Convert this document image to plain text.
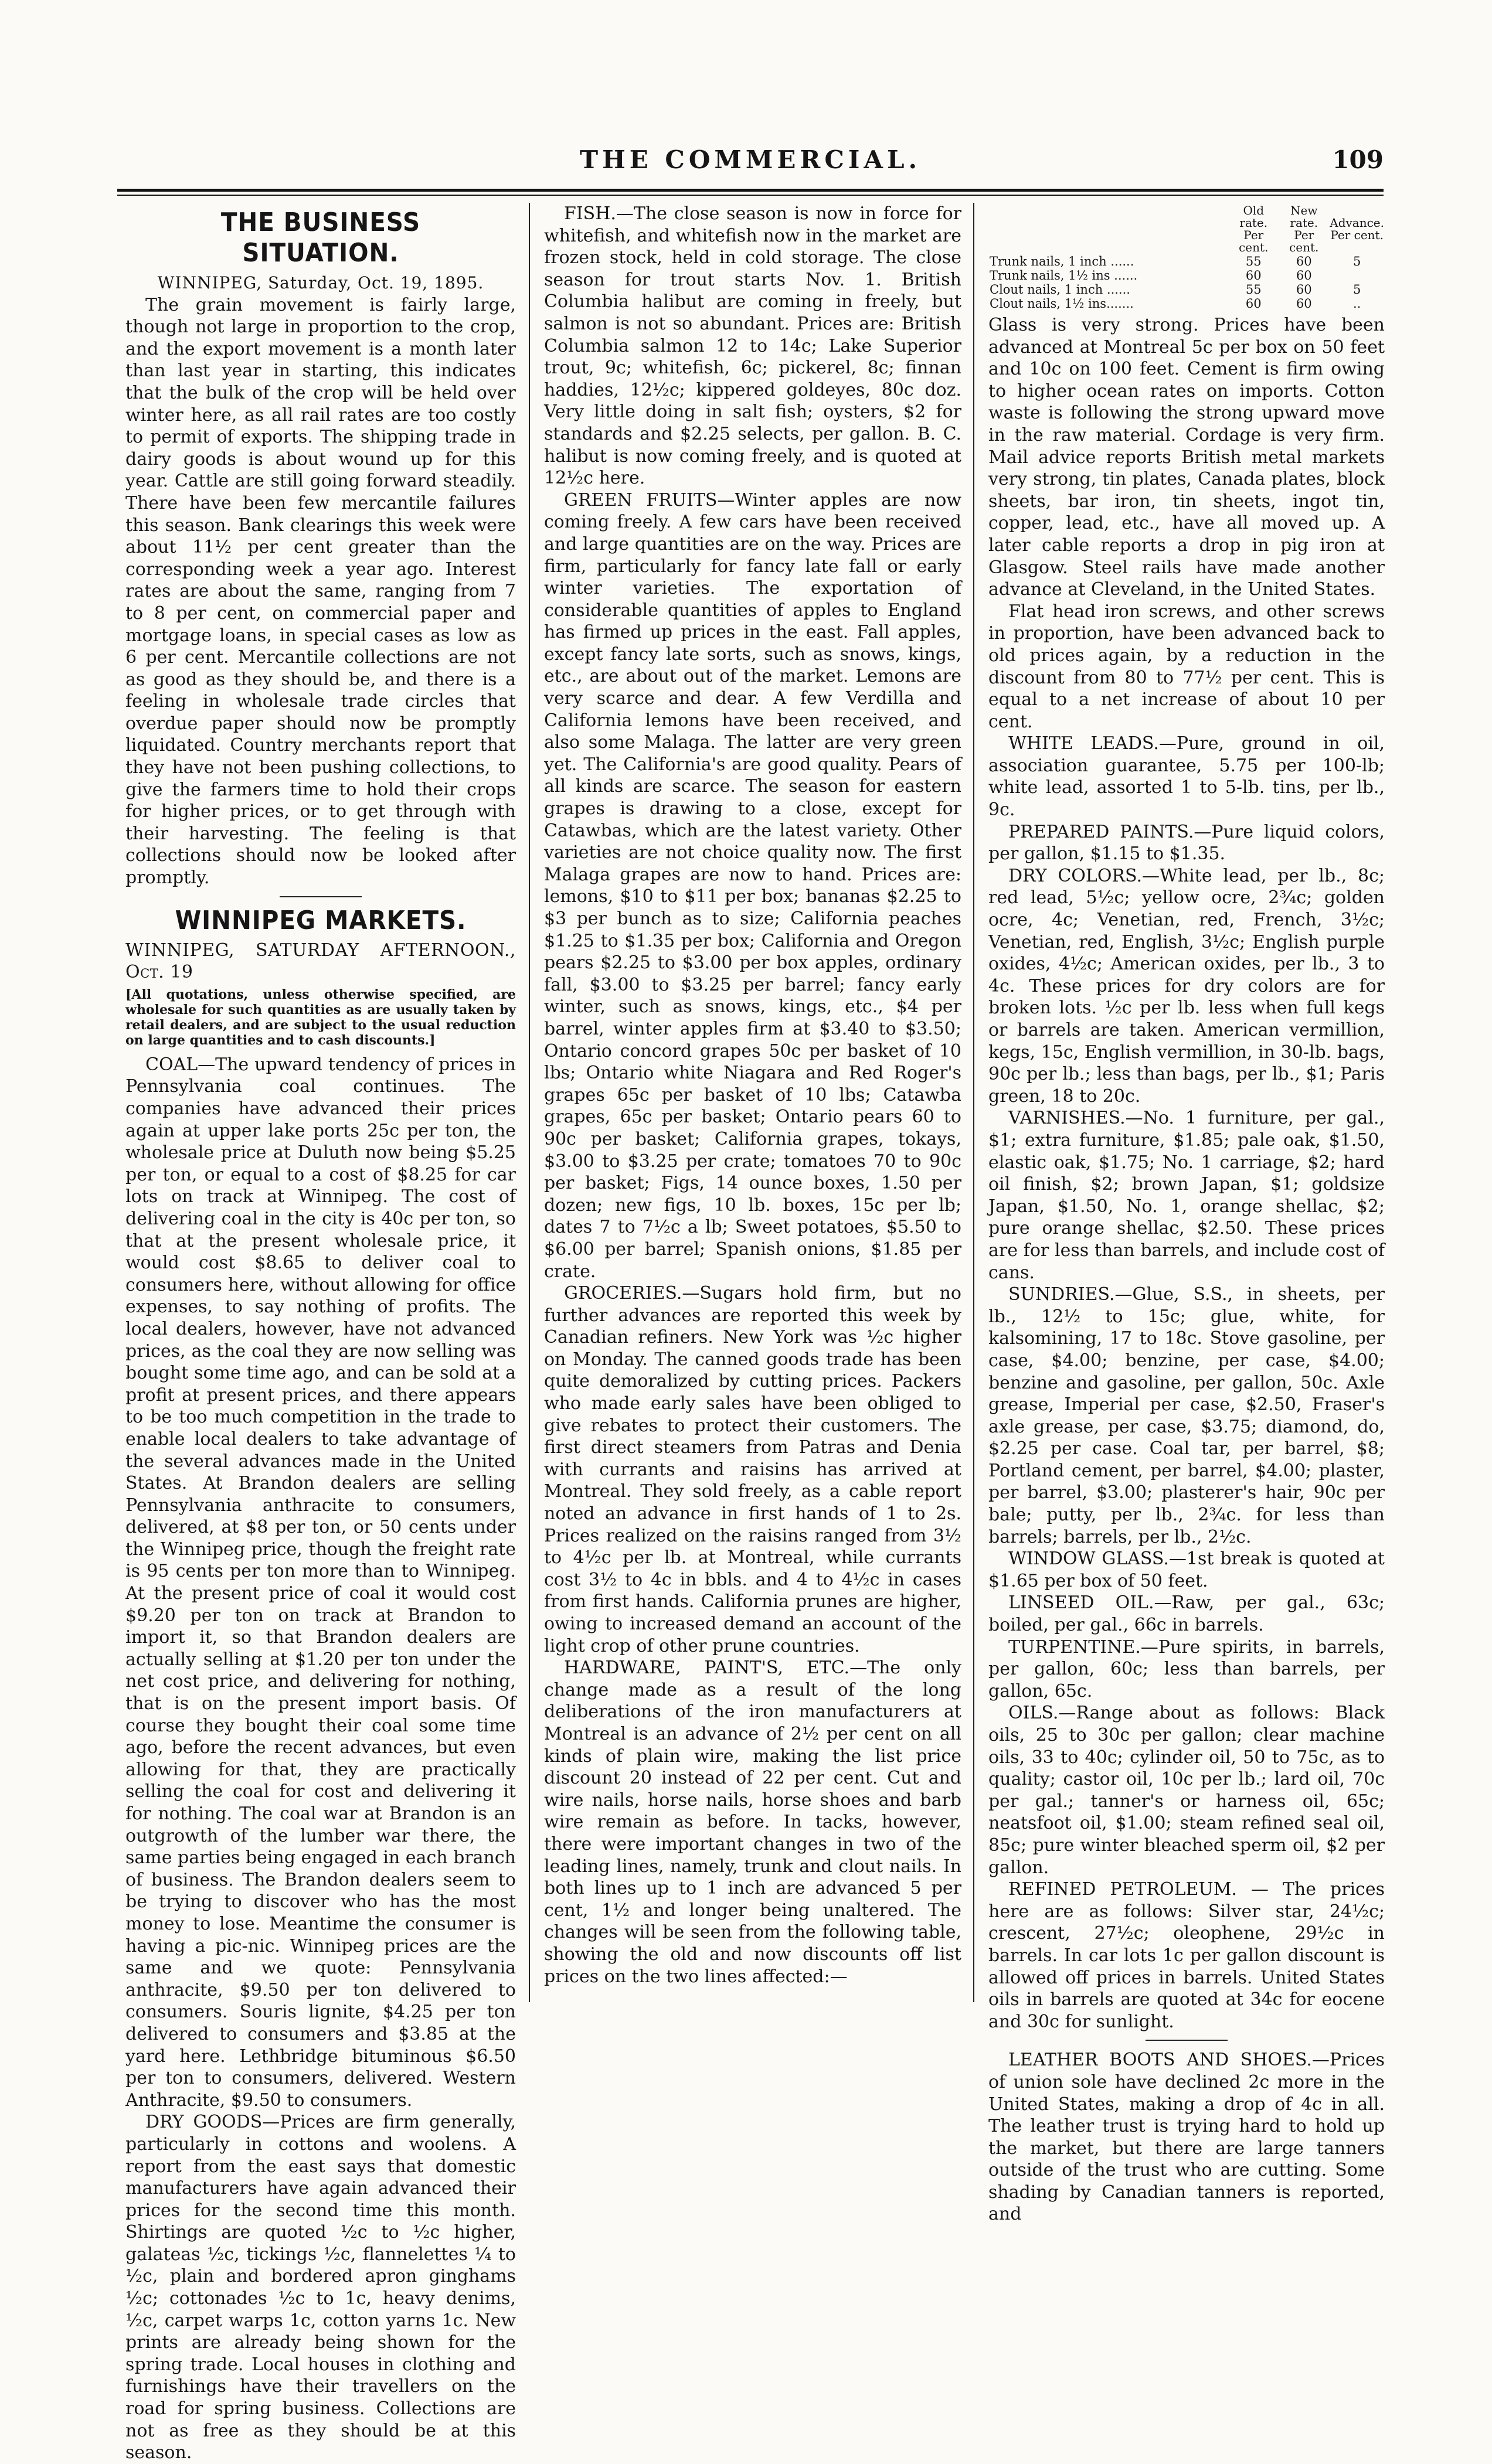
THE COMMERCIAL.	109
THE BUSINESS SITUATION.

WINNIPEG, Saturday, Oct. 19, 1895.

The grain movement is fairly large, though not large in proportion to the crop, and the export movement is a month later than last year in starting, this indicates that the bulk of the crop will be held over winter here, as all rail rates are too costly to permit of exports. The shipping trade in dairy goods is about wound up for this year. Cattle are still going forward steadily. There have been few mercantile failures this season. Bank clearings this week were about 11½ per cent greater than the corresponding week a year ago. Interest rates are about the same, ranging from 7 to 8 per cent, on commercial paper and mortgage loans, in special cases as low as 6 per cent. Mercantile collections are not as good as they should be, and there is a feeling in wholesale trade circles that overdue paper should now be promptly liquidated. Country merchants report that they have not been pushing collections, to give the farmers time to hold their crops for higher prices, or to get through with their harvesting. The feeling is that collections should now be looked after promptly.

WINNIPEG MARKETS.

WINNIPEG, SATURDAY AFTERNOON., Oct. 19

[All quotations, unless otherwise specified, are wholesale for such quantities as are usually taken by retail dealers, and are subject to the usual reduction on large quantities and to cash discounts.]

COAL—The upward tendency of prices in Pennsylvania coal continues. The companies have advanced their prices again at upper lake ports 25c per ton, the wholesale price at Duluth now being $5.25 per ton, or equal to a cost of $8.25 for car lots on track at Winnipeg. The cost of delivering coal in the city is 40c per ton, so that at the present wholesale price, it would cost $8.65 to deliver coal to consumers here, without allowing for office expenses, to say nothing of profits. The local dealers, however, have not advanced prices, as the coal they are now selling was bought some time ago, and can be sold at a profit at present prices, and there appears to be too much competition in the trade to enable local dealers to take advantage of the several advances made in the United States. At Brandon dealers are selling Pennsylvania anthracite to consumers, delivered, at $8 per ton, or 50 cents under the Winnipeg price, though the freight rate is 95 cents per ton more than to Winnipeg. At the present price of coal it would cost $9.20 per ton on track at Brandon to import it, so that Brandon dealers are actually selling at $1.20 per ton under the net cost price, and delivering for nothing, that is on the present import basis. Of course they bought their coal some time ago, before the recent advances, but even allowing for that, they are practically selling the coal for cost and delivering it for nothing. The coal war at Brandon is an outgrowth of the lumber war there, the same parties being engaged in each branch of business. The Brandon dealers seem to be trying to discover who has the most money to lose. Meantime the consumer is having a pic-nic. Winnipeg prices are the same and we quote: Pennsylvania anthracite, $9.50 per ton delivered to consumers. Souris lignite, $4.25 per ton delivered to consumers and $3.85 at the yard here. Lethbridge bituminous $6.50 per ton to consumers, delivered. Western Anthracite, $9.50 to consumers.

DRY GOODS—Prices are firm generally, particularly in cottons and woolens. A report from the east says that domestic manufacturers have again advanced their prices for the second time this month. Shirtings are quoted ½c to ½c higher, galateas ½c, tickings ½c, flannelettes ¼ to ½c, plain and bordered apron ginghams ½c; cottonades ½c to 1c, heavy denims, ½c, carpet warps 1c, cotton yarns 1c. New prints are already being shown for the spring trade. Local houses in clothing and furnishings have their travellers on the road for spring business. Collections are not as free as they should be at this season.

FISH.—The close season is now in force for whitefish, and whitefish now in the market are frozen stock, held in cold storage. The close season for trout starts Nov. 1. British Columbia halibut are coming in freely, but salmon is not so abundant. Prices are: British Columbia salmon 12 to 14c; Lake Superior trout, 9c; whitefish, 6c; pickerel, 8c; finnan haddies, 12½c; kippered goldeyes, 80c doz. Very little doing in salt fish; oysters, $2 for standards and $2.25 selects, per gallon. B. C. halibut is now coming freely, and is quoted at 12½c here.

GREEN FRUITS—Winter apples are now coming freely. A few cars have been received and large quantities are on the way. Prices are firm, particularly for fancy late fall or early winter varieties. The exportation of considerable quantities of apples to England has firmed up prices in the east. Fall apples, except fancy late sorts, such as snows, kings, etc., are about out of the market. Lemons are very scarce and dear. A few Verdilla and California lemons have been received, and also some Malaga. The latter are very green yet. The California's are good quality. Pears of all kinds are scarce. The season for eastern grapes is drawing to a close, except for Catawbas, which are the latest variety. Other varieties are not choice quality now. The first Malaga grapes are now to hand. Prices are: lemons, $10 to $11 per box; bananas $2.25 to $3 per bunch as to size; California peaches $1.25 to $1.35 per box; California and Oregon pears $2.25 to $3.00 per box apples, ordinary fall, $3.00 to $3.25 per barrel; fancy early winter, such as snows, kings, etc., $4 per barrel, winter apples firm at $3.40 to $3.50; Ontario concord grapes 50c per basket of 10 lbs; Ontario white Niagara and Red Roger's grapes 65c per basket of 10 lbs; Catawba grapes, 65c per basket; Ontario pears 60 to 90c per basket; California grapes, tokays, $3.00 to $3.25 per crate; tomatoes 70 to 90c per basket; Figs, 14 ounce boxes, 1.50 per dozen; new figs, 10 lb. boxes, 15c per lb; dates 7 to 7½c a lb; Sweet potatoes, $5.50 to $6.00 per barrel; Spanish onions, $1.85 per crate.

GROCERIES.—Sugars hold firm, but no further advances are reported this week by Canadian refiners. New York was ½c higher on Monday. The canned goods trade has been quite demoralized by cutting prices. Packers who made early sales have been obliged to give rebates to protect their customers. The first direct steamers from Patras and Denia with currants and raisins has arrived at Montreal. They sold freely, as a cable report noted an advance in first hands of 1 to 2s. Prices realized on the raisins ranged from 3½ to 4½c per lb. at Montreal, while currants cost 3½ to 4c in bbls. and 4 to 4½c in cases from first hands. California prunes are higher, owing to increased demand an account of the light crop of other prune countries.

HARDWARE, PAINT'S, ETC.—The only change made as a result of the long deliberations of the iron manufacturers at Montreal is an advance of 2½ per cent on all kinds of plain wire, making the list price discount 20 instead of 22 per cent. Cut and wire nails, horse nails, horse shoes and barb wire remain as before. In tacks, however, there were important changes in two of the leading lines, namely, trunk and clout nails. In both lines up to 1 inch are advanced 5 per cent, 1½ and longer being unaltered. The changes will be seen from the following table, showing the old and now discounts off list prices on the two lines affected:—

	Old rate. Per cent.	New rate. Per cent.	Advance. Per cent.
Trunk nails, 1 inch ......	55	60	5
Trunk nails, 1½ ins ......	60	60	
Clout nails, 1 inch ......	55	60	5
Clout nails, 1½ ins.......	60	60	..

Glass is very strong. Prices have been advanced at Montreal 5c per box on 50 feet and 10c on 100 feet. Cement is firm owing to higher ocean rates on imports. Cotton waste is following the strong upward move in the raw material. Cordage is very firm. Mail advice reports British metal markets very strong, tin plates, Canada plates, block sheets, bar iron, tin sheets, ingot tin, copper, lead, etc., have all moved up. A later cable reports a drop in pig iron at Glasgow. Steel rails have made another advance at Cleveland, in the United States.

Flat head iron screws, and other screws in proportion, have been advanced back to old prices again, by a reduction in the discount from 80 to 77½ per cent. This is equal to a net increase of about 10 per cent.

WHITE LEADS.—Pure, ground in oil, association guarantee, 5.75 per 100-lb; white lead, assorted 1 to 5-lb. tins, per lb., 9c.

PREPARED PAINTS.—Pure liquid colors, per gallon, $1.15 to $1.35.

DRY COLORS.—White lead, per lb., 8c; red lead, 5½c; yellow ocre, 2¾c; golden ocre, 4c; Venetian, red, French, 3½c; Venetian, red, English, 3½c; English purple oxides, 4½c; American oxides, per lb., 3 to 4c. These prices for dry colors are for broken lots. ½c per lb. less when full kegs or barrels are taken. American vermillion, kegs, 15c, English vermillion, in 30-lb. bags, 90c per lb.; less than bags, per lb., $1; Paris green, 18 to 20c.

VARNISHES.—No. 1 furniture, per gal., $1; extra furniture, $1.85; pale oak, $1.50, elastic oak, $1.75; No. 1 carriage, $2; hard oil finish, $2; brown Japan, $1; goldsize Japan, $1.50, No. 1, orange shellac, $2; pure orange shellac, $2.50. These prices are for less than barrels, and include cost of cans.

SUNDRIES.—Glue, S.S., in sheets, per lb., 12½ to 15c; glue, white, for kalsomining, 17 to 18c. Stove gasoline, per case, $4.00; benzine, per case, $4.00; benzine and gasoline, per gallon, 50c. Axle grease, Imperial per case, $2.50, Fraser's axle grease, per case, $3.75; diamond, do, $2.25 per case. Coal tar, per barrel, $8; Portland cement, per barrel, $4.00; plaster, per barrel, $3.00; plasterer's hair, 90c per bale; putty, per lb., 2¾c. for less than barrels; barrels, per lb., 2½c.

WINDOW GLASS.—1st break is quoted at $1.65 per box of 50 feet.

LINSEED OIL.—Raw, per gal., 63c; boiled, per gal., 66c in barrels.

TURPENTINE.—Pure spirits, in barrels, per gallon, 60c; less than barrels, per gallon, 65c.

OILS.—Range about as follows: Black oils, 25 to 30c per gallon; clear machine oils, 33 to 40c; cylinder oil, 50 to 75c, as to quality; castor oil, 10c per lb.; lard oil, 70c per gal.; tanner's or harness oil, 65c; neatsfoot oil, $1.00; steam refined seal oil, 85c; pure winter bleached sperm oil, $2 per gallon.

REFINED PETROLEUM. — The prices here are as follows: Silver star, 24½c; crescent, 27½c; oleophene, 29½c in barrels. In car lots 1c per gallon discount is allowed off prices in barrels. United States oils in barrels are quoted at 34c for eocene and 30c for sunlight.

LEATHER BOOTS AND SHOES.—Prices of union sole have declined 2c more in the United States, making a drop of 4c in all. The leather trust is trying hard to hold up the market, but there are large tanners outside of the trust who are cutting. Some shading by Canadian tanners is reported, and
